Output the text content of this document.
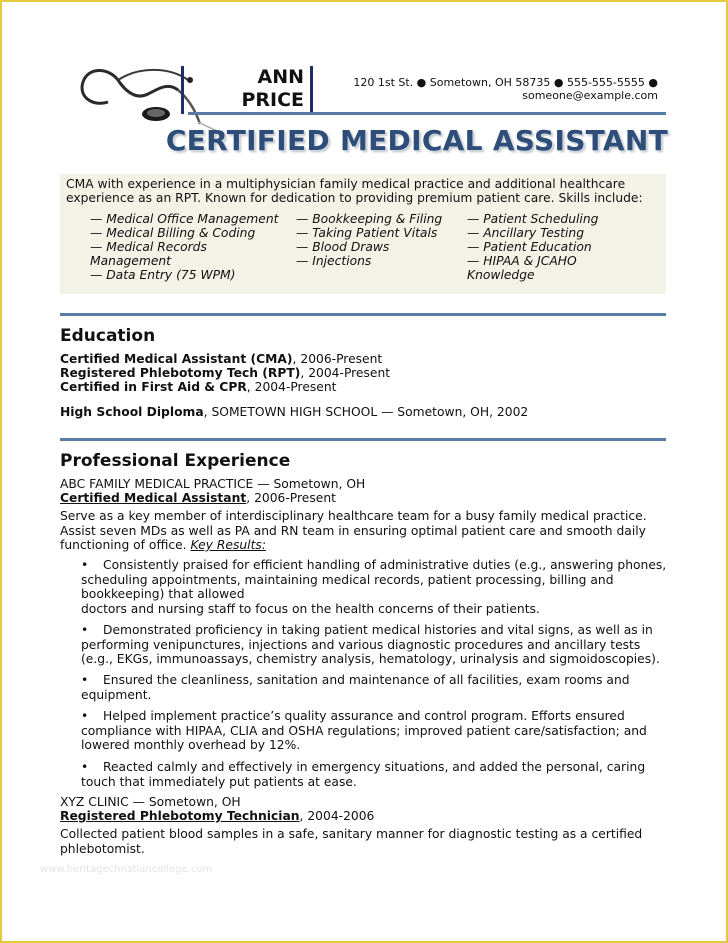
ANN
PRICE
120 1st St. ● Sometown, OH 58735 ● 555-555-5555 ●
someone@example.com
CERTIFIED MEDICAL ASSISTANT
CMA with experience in a multiphysician family medical practice and additional healthcare experience as an RPT. Known for dedication to providing premium patient care. Skills include:
— Medical Office Management
— Medical Billing & Coding
— Medical Records Management
— Data Entry (75 WPM)
— Bookkeeping & Filing
— Taking Patient Vitals
— Blood Draws
— Injections
— Patient Scheduling
— Ancillary Testing
— Patient Education
— HIPAA & JCAHO Knowledge
Education
Certified Medical Assistant (CMA), 2006-Present
Registered Phlebotomy Tech (RPT), 2004-Present
Certified in First Aid & CPR, 2004-Present
High School Diploma, SOMETOWN HIGH SCHOOL — Sometown, OH, 2002
Professional Experience
ABC FAMILY MEDICAL PRACTICE — Sometown, OH
Certified Medical Assistant, 2006-Present
Serve as a key member of interdisciplinary healthcare team for a busy family medical practice. Assist seven MDs as well as PA and RN team in ensuring optimal patient care and smooth daily functioning of office. Key Results:
• Consistently praised for efficient handling of administrative duties (e.g., answering phones, scheduling appointments, maintaining medical records, patient processing, billing and bookkeeping) that allowed
doctors and nursing staff to focus on the health concerns of their patients.
• Demonstrated proficiency in taking patient medical histories and vital signs, as well as in performing venipunctures, injections and various diagnostic procedures and ancillary tests (e.g., EKGs, immunoassays, chemistry analysis, hematology, urinalysis and sigmoidoscopies).
• Ensured the cleanliness, sanitation and maintenance of all facilities, exam rooms and equipment.
• Helped implement practice’s quality assurance and control program. Efforts ensured compliance with HIPAA, CLIA and OSHA regulations; improved patient care/satisfaction; and lowered monthly overhead by 12%.
• Reacted calmly and effectively in emergency situations, and added the personal, caring touch that immediately put patients at ease.
XYZ CLINIC — Sometown, OH
Registered Phlebotomy Technician, 2004-2006
Collected patient blood samples in a safe, sanitary manner for diagnostic testing as a certified phlebotomist.
www.heritagechristiancollege.com
